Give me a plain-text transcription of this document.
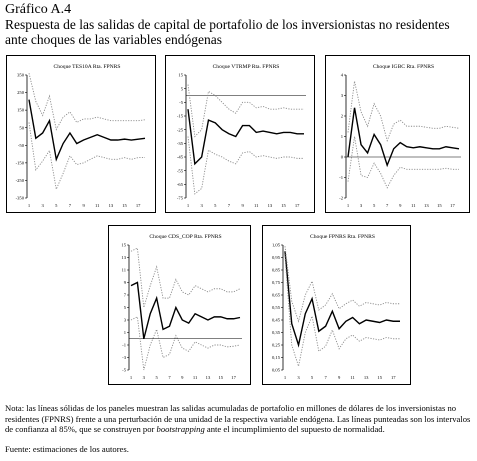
Gráfico A.4
Respuesta de las salidas de capital de portafolio de los inversionistas no residentes ante choques de las variables endógenas
Choque TES10A Rta. FPNRS
350
250
150
50
-50
-150
-250
-350
1 3 5 7 9 11 13 15 17
Choque VTRMP Rta. FPNRS
15
5
-5
-15
-25
-35
-45
-55
-65
-75
1 3 5 7 9 11 13 15 17
Choque IGBC Rta. FPNRS
4
3
2
1
0
-1
-2
1 3 5 7 9 11 13 15 17
Choque CDS_COP Rta. FPNRS
15
13
11
9
7
5
3
1
-1
-3
-5
1 3 5 7 9 11 13 15 17
Choque FPNRS Rta. FPNRS
1,05
0,95
0,85
0,75
0,65
0,55
0,45
0,35
0,25
0,15
0,05
1 3 5 7 9 11 13 15 17
Nota: las líneas sólidas de los paneles muestran las salidas acumuladas de portafolio en millones de dólares de los inversionistas no residentes (FPNRS) frente a una perturbación de una unidad de la respectiva variable endógena. Las líneas punteadas son los intervalos de confianza al 85%, que se construyen por bootstrapping ante el incumplimiento del supuesto de normalidad.
Fuente: estimaciones de los autores.
